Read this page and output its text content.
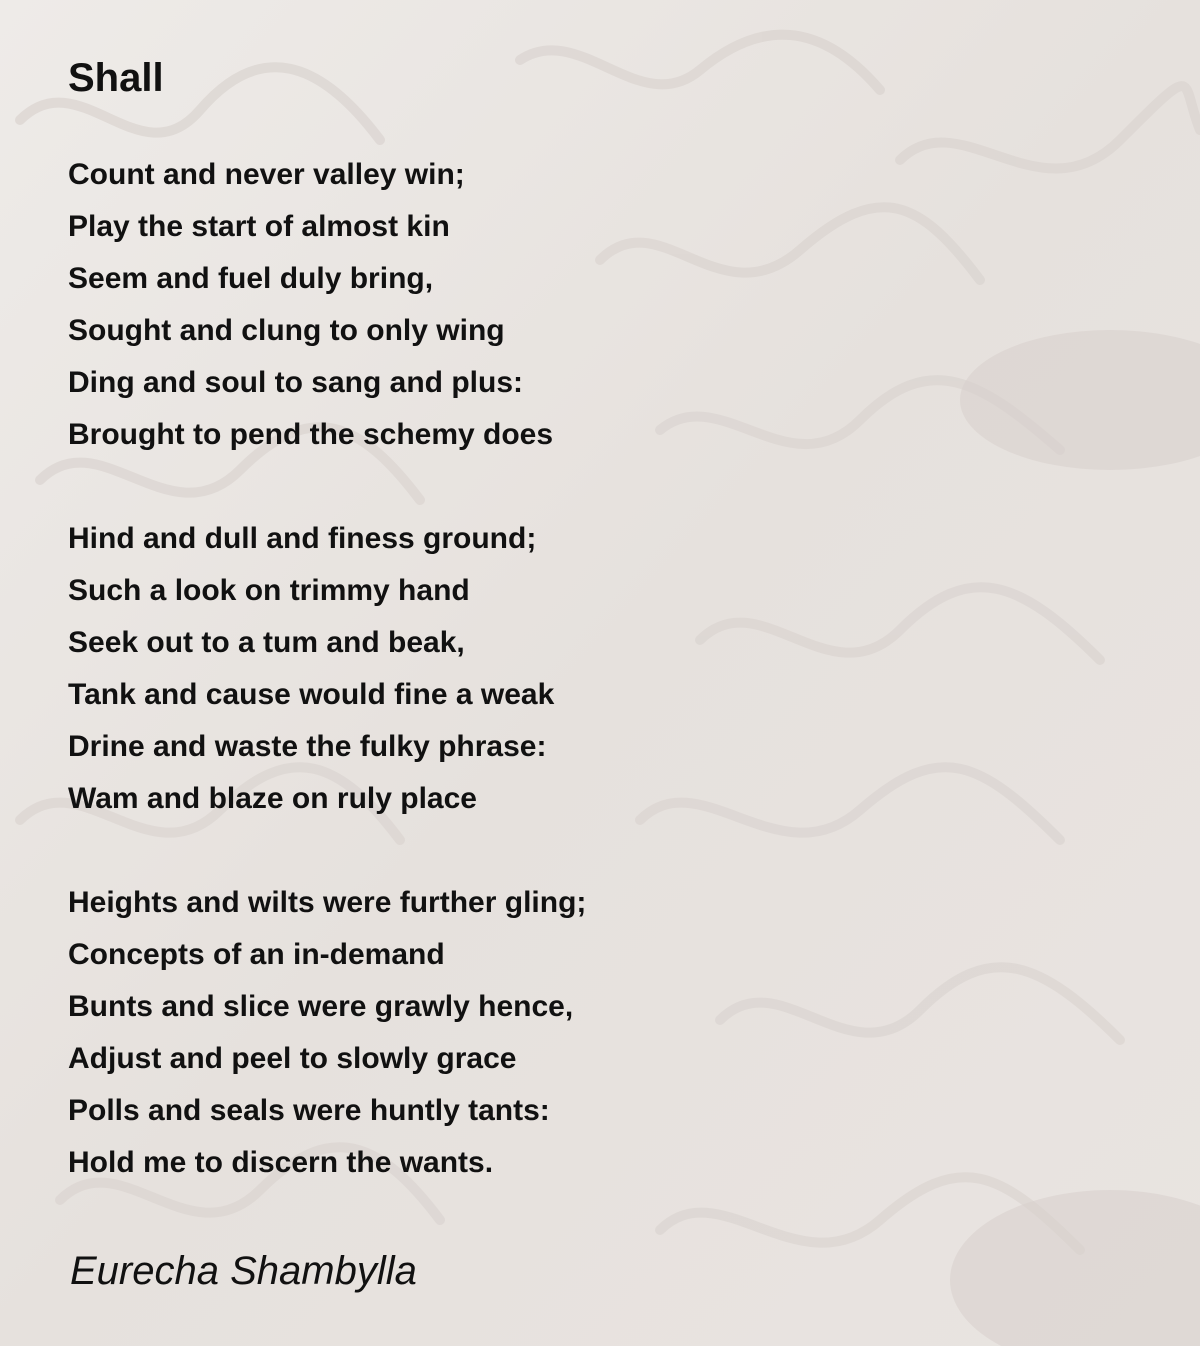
Shall
Count and never valley win;
Play the start of almost kin
Seem and fuel duly bring,
Sought and clung to only wing
Ding and soul to sang and plus:
Brought to pend the schemy does
Hind and dull and finess ground;
Such a look on trimmy hand
Seek out to a tum and beak,
Tank and cause would fine a weak
Drine and waste the fulky phrase:
Wam and blaze on ruly place
Heights and wilts were further gling;
Concepts of an in-demand
Bunts and slice were grawly hence,
Adjust and peel to slowly grace
Polls and seals were huntly tants:
Hold me to discern the wants.

Eurecha Shambylla
